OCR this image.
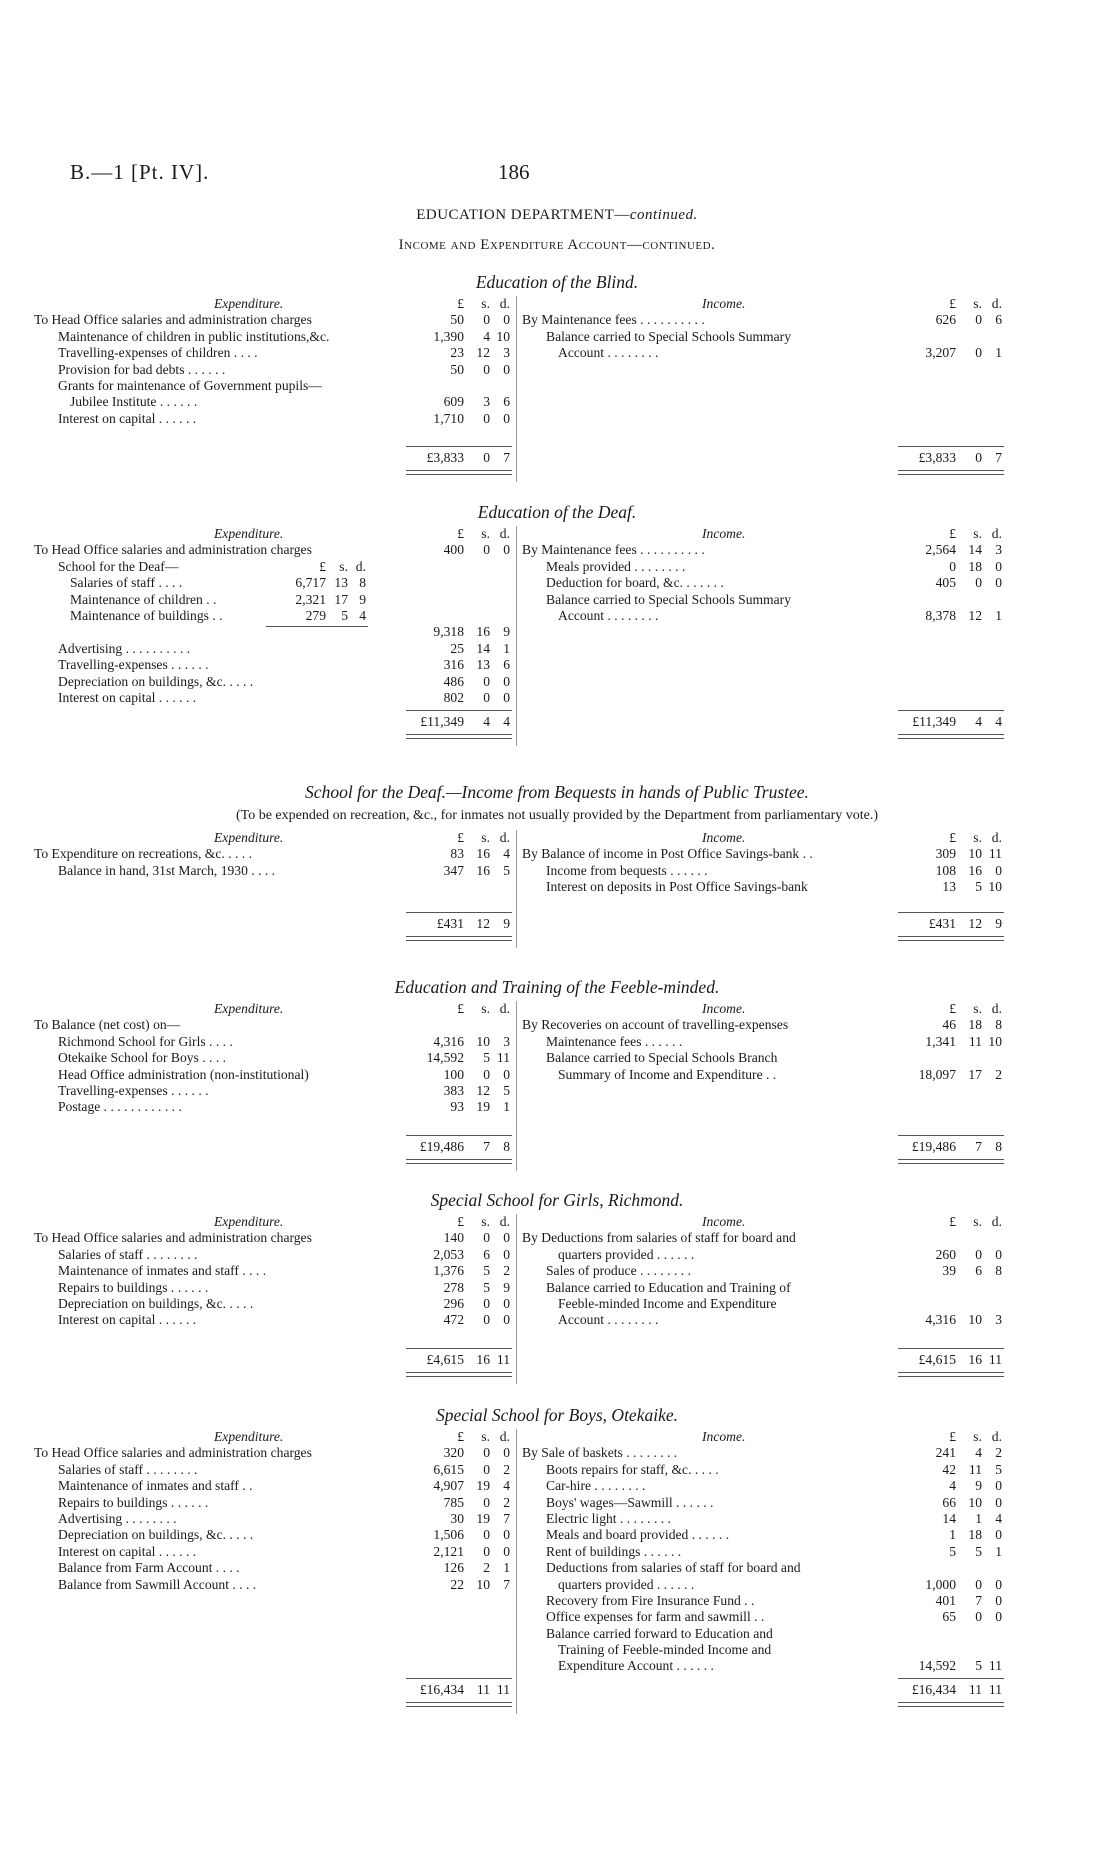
B.—1 [Pt. IV].	186
EDUCATION DEPARTMENT—continued.
Income and Expenditure Account—continued.
Education of the Blind.
Expenditure.	£	s. d.
To Head Office salaries and administration charges	50	0 0
Maintenance of children in public institutions,&c.	1,390	4 10
Travelling-expenses of children . . . .	23 12 3
Provision for bad debts . . . . . .	50	0 0
Grants for maintenance of Government pupils—
Jubilee Institute . . . . . .	609	3 6
Interest on capital . . . . . .	1,710	0 0
£3,833	0 7
Income.	£	s. d.
By Maintenance fees . . . . . . . . . .	626	0 6
Balance carried to Special Schools Summary
Account . . . . . . . .	3,207	0 1
£3,833	0 7
Education of the Deaf.
Expenditure.	£	s. d.
To Head Office salaries and administration charges	400	0 0
£ s. d.
School for the Deaf—
Salaries of staff . . . .	6,717 13 8
Maintenance of children . .	2,321 17 9
Maintenance of buildings . .	279	5 4
9,318 16 9
Advertising . . . . . . . . . .	25 14 1
Travelling-expenses . . . . . .	316 13 6
Depreciation on buildings, &c. . . . .	486	0 0
Interest on capital . . . . . .	802	0 0
£11,349	4 4
Income.	£	s. d.
By Maintenance fees . . . . . . . . . .	2,564 14 3
Meals provided . . . . . . . .	0 18 0
Deduction for board, &c. . . . . . .	405	0 0
Balance carried to Special Schools Summary
Account . . . . . . . .	8,378 12 1
£11,349	4 4
School for the Deaf.—Income from Bequests in hands of Public Trustee.
(To be expended on recreation, &c., for inmates not usually provided by the Department from parliamentary vote.)
Expenditure.	£	s. d.
To Expenditure on recreations, &c. . . . .	83 16 4
Balance in hand, 31st March, 1930 . . . .	347 16 5
£431 12 9
Income.	£	s. d.
By Balance of income in Post Office Savings-bank . .	309 10 11
Income from bequests . . . . . .	108 16 0
Interest on deposits in Post Office Savings-bank	13	5 10
£431 12 9
Education and Training of the Feeble-minded.
Expenditure.	£	s. d.
To Balance (net cost) on—
Richmond School for Girls . . . .	4,316 10 3
Otekaike School for Boys . . . .	14,592	5 11
Head Office administration (non-institutional)	100	0 0
Travelling-expenses . . . . . .	383 12 5
Postage . . . . . . . . . . . .	93 19 1
£19,486	7 8
Income.	£	s. d.
By Recoveries on account of travelling-expenses	46 18 8
Maintenance fees . . . . . .	1,341 11 10
Balance carried to Special Schools Branch
Summary of Income and Expenditure . .	18,097 17 2
£19,486	7 8
Special School for Girls, Richmond.
Expenditure.	£	s. d.
To Head Office salaries and administration charges	140	0 0
Salaries of staff . . . . . . . .	2,053	6 0
Maintenance of inmates and staff . . . .	1,376	5 2
Repairs to buildings . . . . . .	278	5 9
Depreciation on buildings, &c. . . . .	296	0 0
Interest on capital . . . . . .	472	0 0
£4,615 16 11
Income.	£	s. d.
By Deductions from salaries of staff for board and
quarters provided . . . . . .	260	0 0
Sales of produce . . . . . . . .	39	6 8
Balance carried to Education and Training of
Feeble-minded Income and Expenditure
Account . . . . . . . .	4,316 10 3
£4,615 16 11
Special School for Boys, Otekaike.
Expenditure.	£	s. d.
To Head Office salaries and administration charges	320	0 0
Salaries of staff . . . . . . . .	6,615	0 2
Maintenance of inmates and staff . .	4,907 19 4
Repairs to buildings . . . . . .	785	0 2
Advertising . . . . . . . .	30 19 7
Depreciation on buildings, &c. . . . .	1,506	0 0
Interest on capital . . . . . .	2,121	0 0
Balance from Farm Account . . . .	126	2 1
Balance from Sawmill Account . . . .	22 10 7
£16,434 11 11
Income.	£	s. d.
By Sale of baskets . . . . . . . .	241	4 2
Boots repairs for staff, &c. . . . .	42 11 5
Car-hire . . . . . . . .	4	9 0
Boys' wages—Sawmill . . . . . .	66 10 0
Electric light . . . . . . . .	14	1 4
Meals and board provided . . . . . .	1 18 0
Rent of buildings . . . . . .	5	5 1
Deductions from salaries of staff for board and
quarters provided . . . . . .	1,000	0 0
Recovery from Fire Insurance Fund . .	401	7 0
Office expenses for farm and sawmill . .	65	0 0
Balance carried forward to Education and
Training of Feeble-minded Income and
Expenditure Account . . . . . .	14,592	5 11
£16,434 11 11
